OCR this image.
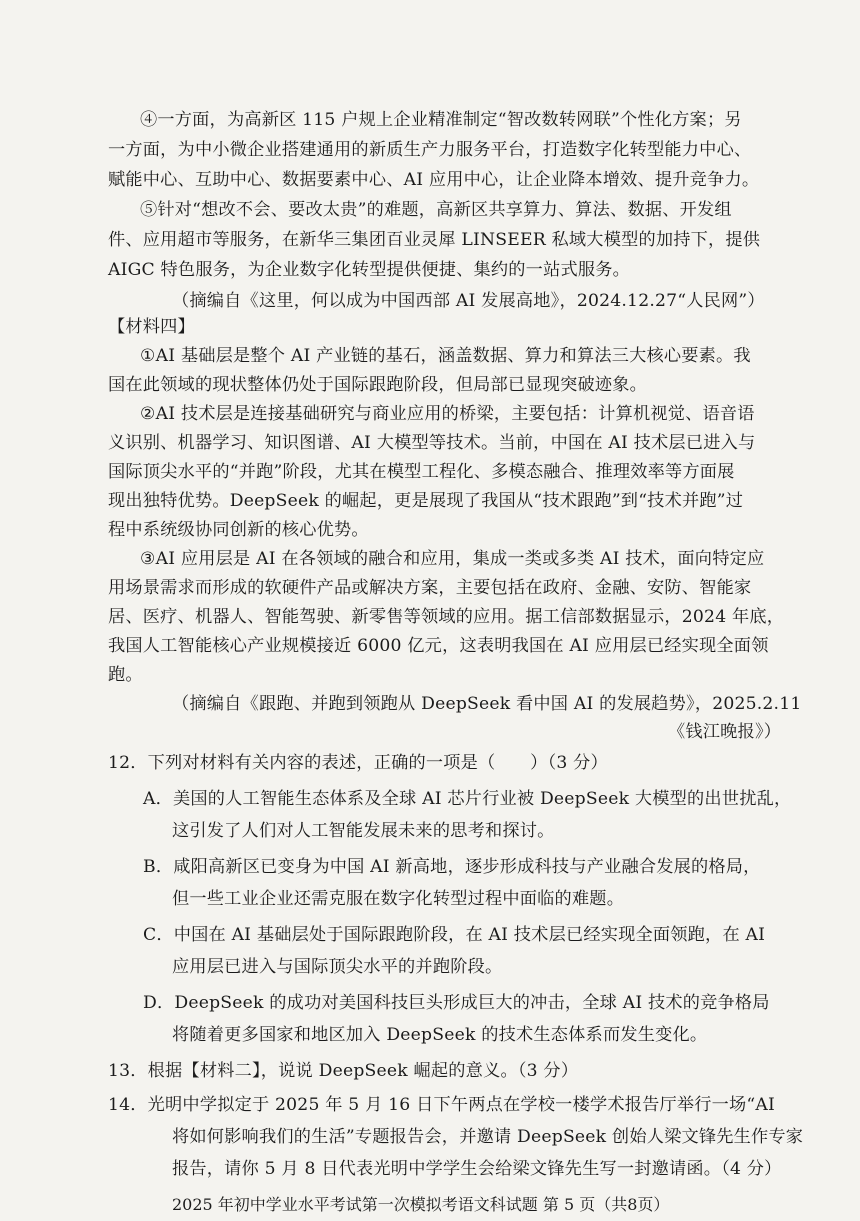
④一方面，为高新区 115 户规上企业精准制定“智改数转网联”个性化方案；另
一方面，为中小微企业搭建通用的新质生产力服务平台，打造数字化转型能力中心、
赋能中心、互助中心、数据要素中心、AI 应用中心，让企业降本增效、提升竞争力。
⑤针对“想改不会、要改太贵”的难题，高新区共享算力、算法、数据、开发组
件、应用超市等服务，在新华三集团百业灵犀 LINSEER 私域大模型的加持下，提供
AIGC 特色服务，为企业数字化转型提供便捷、集约的一站式服务。
（摘编自《这里，何以成为中国西部 AI 发展高地》，2024.12.27“人民网”）
【材料四】
①AI 基础层是整个 AI 产业链的基石，涵盖数据、算力和算法三大核心要素。我
国在此领域的现状整体仍处于国际跟跑阶段，但局部已显现突破迹象。
②AI 技术层是连接基础研究与商业应用的桥梁，主要包括：计算机视觉、语音语
义识别、机器学习、知识图谱、AI 大模型等技术。当前，中国在 AI 技术层已进入与
国际顶尖水平的“并跑”阶段，尤其在模型工程化、多模态融合、推理效率等方面展
现出独特优势。DeepSeek 的崛起，更是展现了我国从“技术跟跑”到“技术并跑”过
程中系统级协同创新的核心优势。
③AI 应用层是 AI 在各领域的融合和应用，集成一类或多类 AI 技术，面向特定应
用场景需求而形成的软硬件产品或解决方案，主要包括在政府、金融、安防、智能家
居、医疗、机器人、智能驾驶、新零售等领域的应用。据工信部数据显示，2024 年底，
我国人工智能核心产业规模接近 6000 亿元，这表明我国在 AI 应用层已经实现全面领
跑。
（摘编自《跟跑、并跑到领跑从 DeepSeek 看中国 AI 的发展趋势》，2025.2.11
《钱江晚报》）
12．下列对材料有关内容的表述，正确的一项是（　　）（3 分）
A．美国的人工智能生态体系及全球 AI 芯片行业被 DeepSeek 大模型的出世扰乱，
这引发了人们对人工智能发展未来的思考和探讨。
B．咸阳高新区已变身为中国 AI 新高地，逐步形成科技与产业融合发展的格局，
但一些工业企业还需克服在数字化转型过程中面临的难题。
C．中国在 AI 基础层处于国际跟跑阶段，在 AI 技术层已经实现全面领跑，在 AI
应用层已进入与国际顶尖水平的并跑阶段。
D．DeepSeek 的成功对美国科技巨头形成巨大的冲击，全球 AI 技术的竞争格局
将随着更多国家和地区加入 DeepSeek 的技术生态体系而发生变化。
13．根据【材料二】，说说 DeepSeek 崛起的意义。（3 分）
14．光明中学拟定于 2025 年 5 月 16 日下午两点在学校一楼学术报告厅举行一场“AI
将如何影响我们的生活”专题报告会，并邀请 DeepSeek 创始人梁文锋先生作专家
报告，请你 5 月 8 日代表光明中学学生会给梁文锋先生写一封邀请函。（4 分）
2025 年初中学业水平考试第一次模拟考语文科试题 第 5 页（共8页）
